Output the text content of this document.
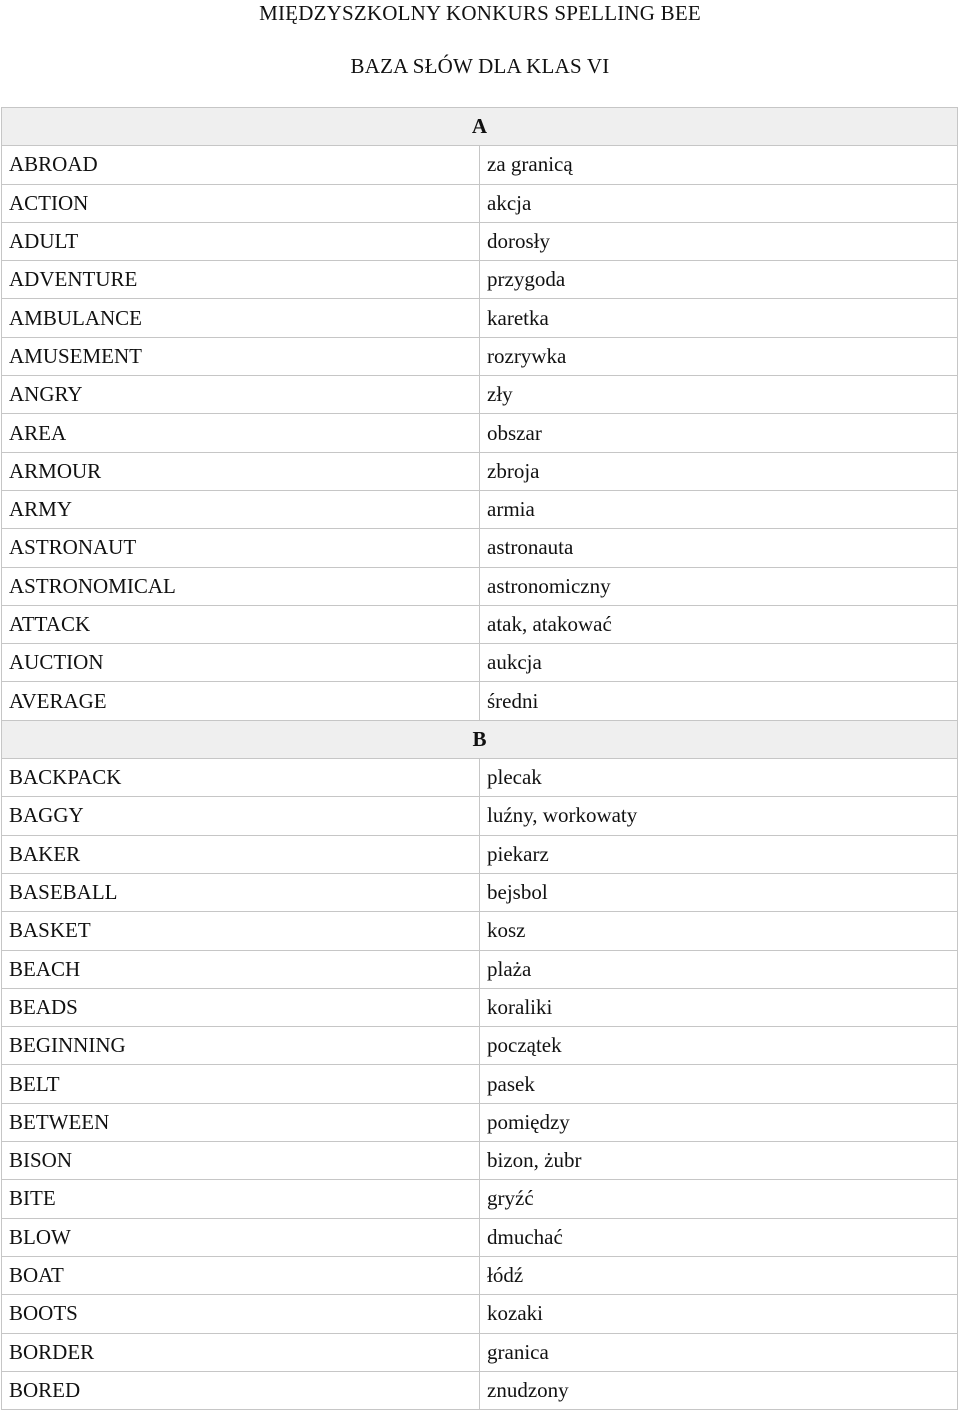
MIĘDZYSZKOLNY KONKURS SPELLING BEE
BAZA SŁÓW DLA KLAS VI
A	
ABROAD	za granicą
ACTION	akcja
ADULT	dorosły
ADVENTURE	przygoda
AMBULANCE	karetka
AMUSEMENT	rozrywka
ANGRY	zły
AREA	obszar
ARMOUR	zbroja
ARMY	armia
ASTRONAUT	astronauta
ASTRONOMICAL	astronomiczny
ATTACK	atak, atakować
AUCTION	aukcja
AVERAGE	średni
B	
BACKPACK	plecak
BAGGY	luźny, workowaty
BAKER	piekarz
BASEBALL	bejsbol
BASKET	kosz
BEACH	plaża
BEADS	koraliki
BEGINNING	początek
BELT	pasek
BETWEEN	pomiędzy
BISON	bizon, żubr
BITE	gryźć
BLOW	dmuchać
BOAT	łódź
BOOTS	kozaki
BORDER	granica
BORED	znudzony
